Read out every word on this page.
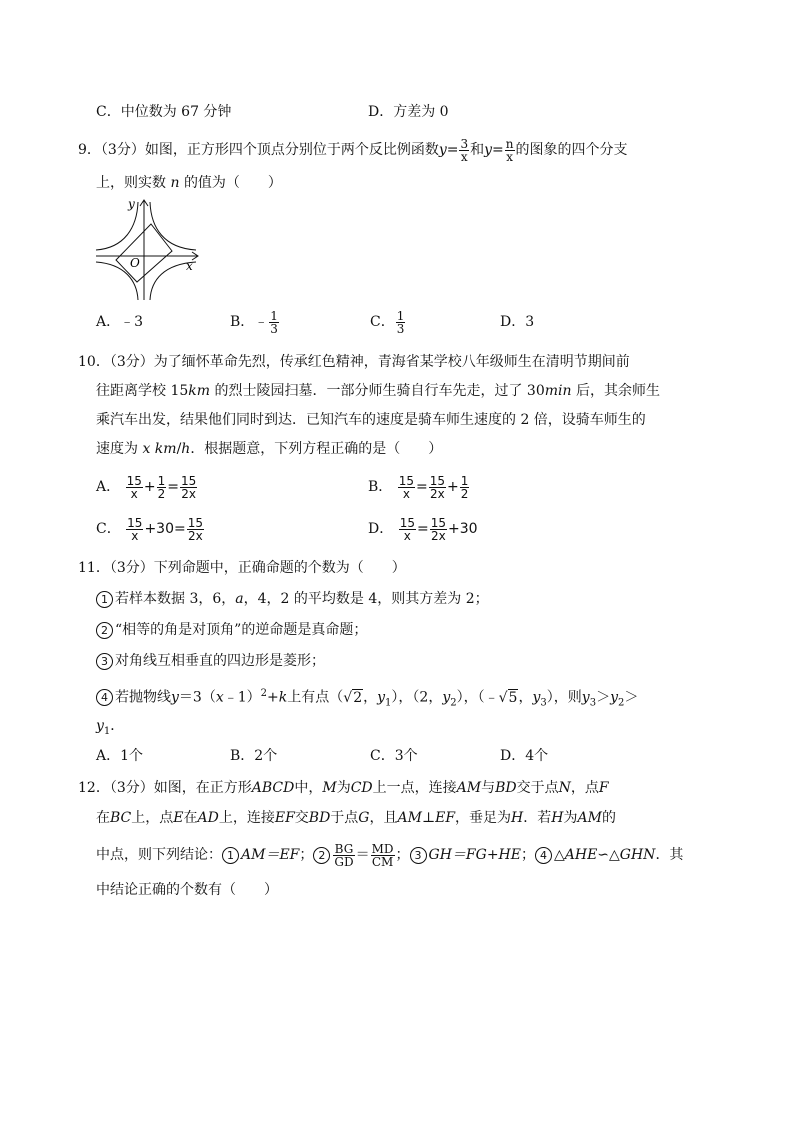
C．中位数为 67 分钟	D．方差为 0
9．（3分）如图，正方形四个顶点分别位于两个反比例函数$y= \frac{3}{x}$ 和$y= \frac{n}{x}$ 的图象的四个分支
上，则实数 n 的值为（　　）
y
x
O
A．﹣3	B．﹣ $\frac{1}{3}$	C． $\frac{1}{3}$	D．3
10．（3分）为了缅怀革命先烈，传承红色精神，青海省某学校八年级师生在清明节期间前
往距离学校 15km 的烈士陵园扫墓．一部分师生骑自行车先走，过了 30min 后，其余师生
乘汽车出发，结果他们同时到达．已知汽车的速度是骑车师生速度的 2 倍，设骑车师生的
速度为 x km/h．根据题意，下列方程正确的是（　　）
A． $\frac{15}{x} + \frac{1}{2} = \frac{15}{2x}$	B． $\frac{15}{x} = \frac{15}{2x} + \frac{1}{2}$
C． $\frac{15}{x} +30= \frac{15}{2x}$	D． $\frac{15}{x} = \frac{15}{2x} +30$
11．（3分）下列命题中，正确命题的个数为（　　）
1 若样本数据 3，6，a，4，2 的平均数是 4，则其方差为 2；
2 “相等的角是对顶角”的逆命题是真命题；
3 对角线互相垂直的四边形是菱形；
4 若抛物线y＝3（x﹣1）$^2$+k上有点（√2，$y_1$），（2，$y_2$），（﹣√5，$y_3$），则$y_3>y_2>$
$y_1$．
A．1个	B．2个	C．3个	D．4个
12．（3分）如图，在正方形ABCD中，M为CD上一点，连接AM与BD交于点N，点F
在BC上，点E在AD上，连接EF交BD于点G，且AM⊥EF，垂足为H．若H为AM的
中点，则下列结论： 1 AM＝EF； $2 \frac{BG}{GD} = \frac{MD}{CM}$ ； 3 GH＝FG+HE； 4 △AHE∽△GHN．其
中结论正确的个数有（　　）
